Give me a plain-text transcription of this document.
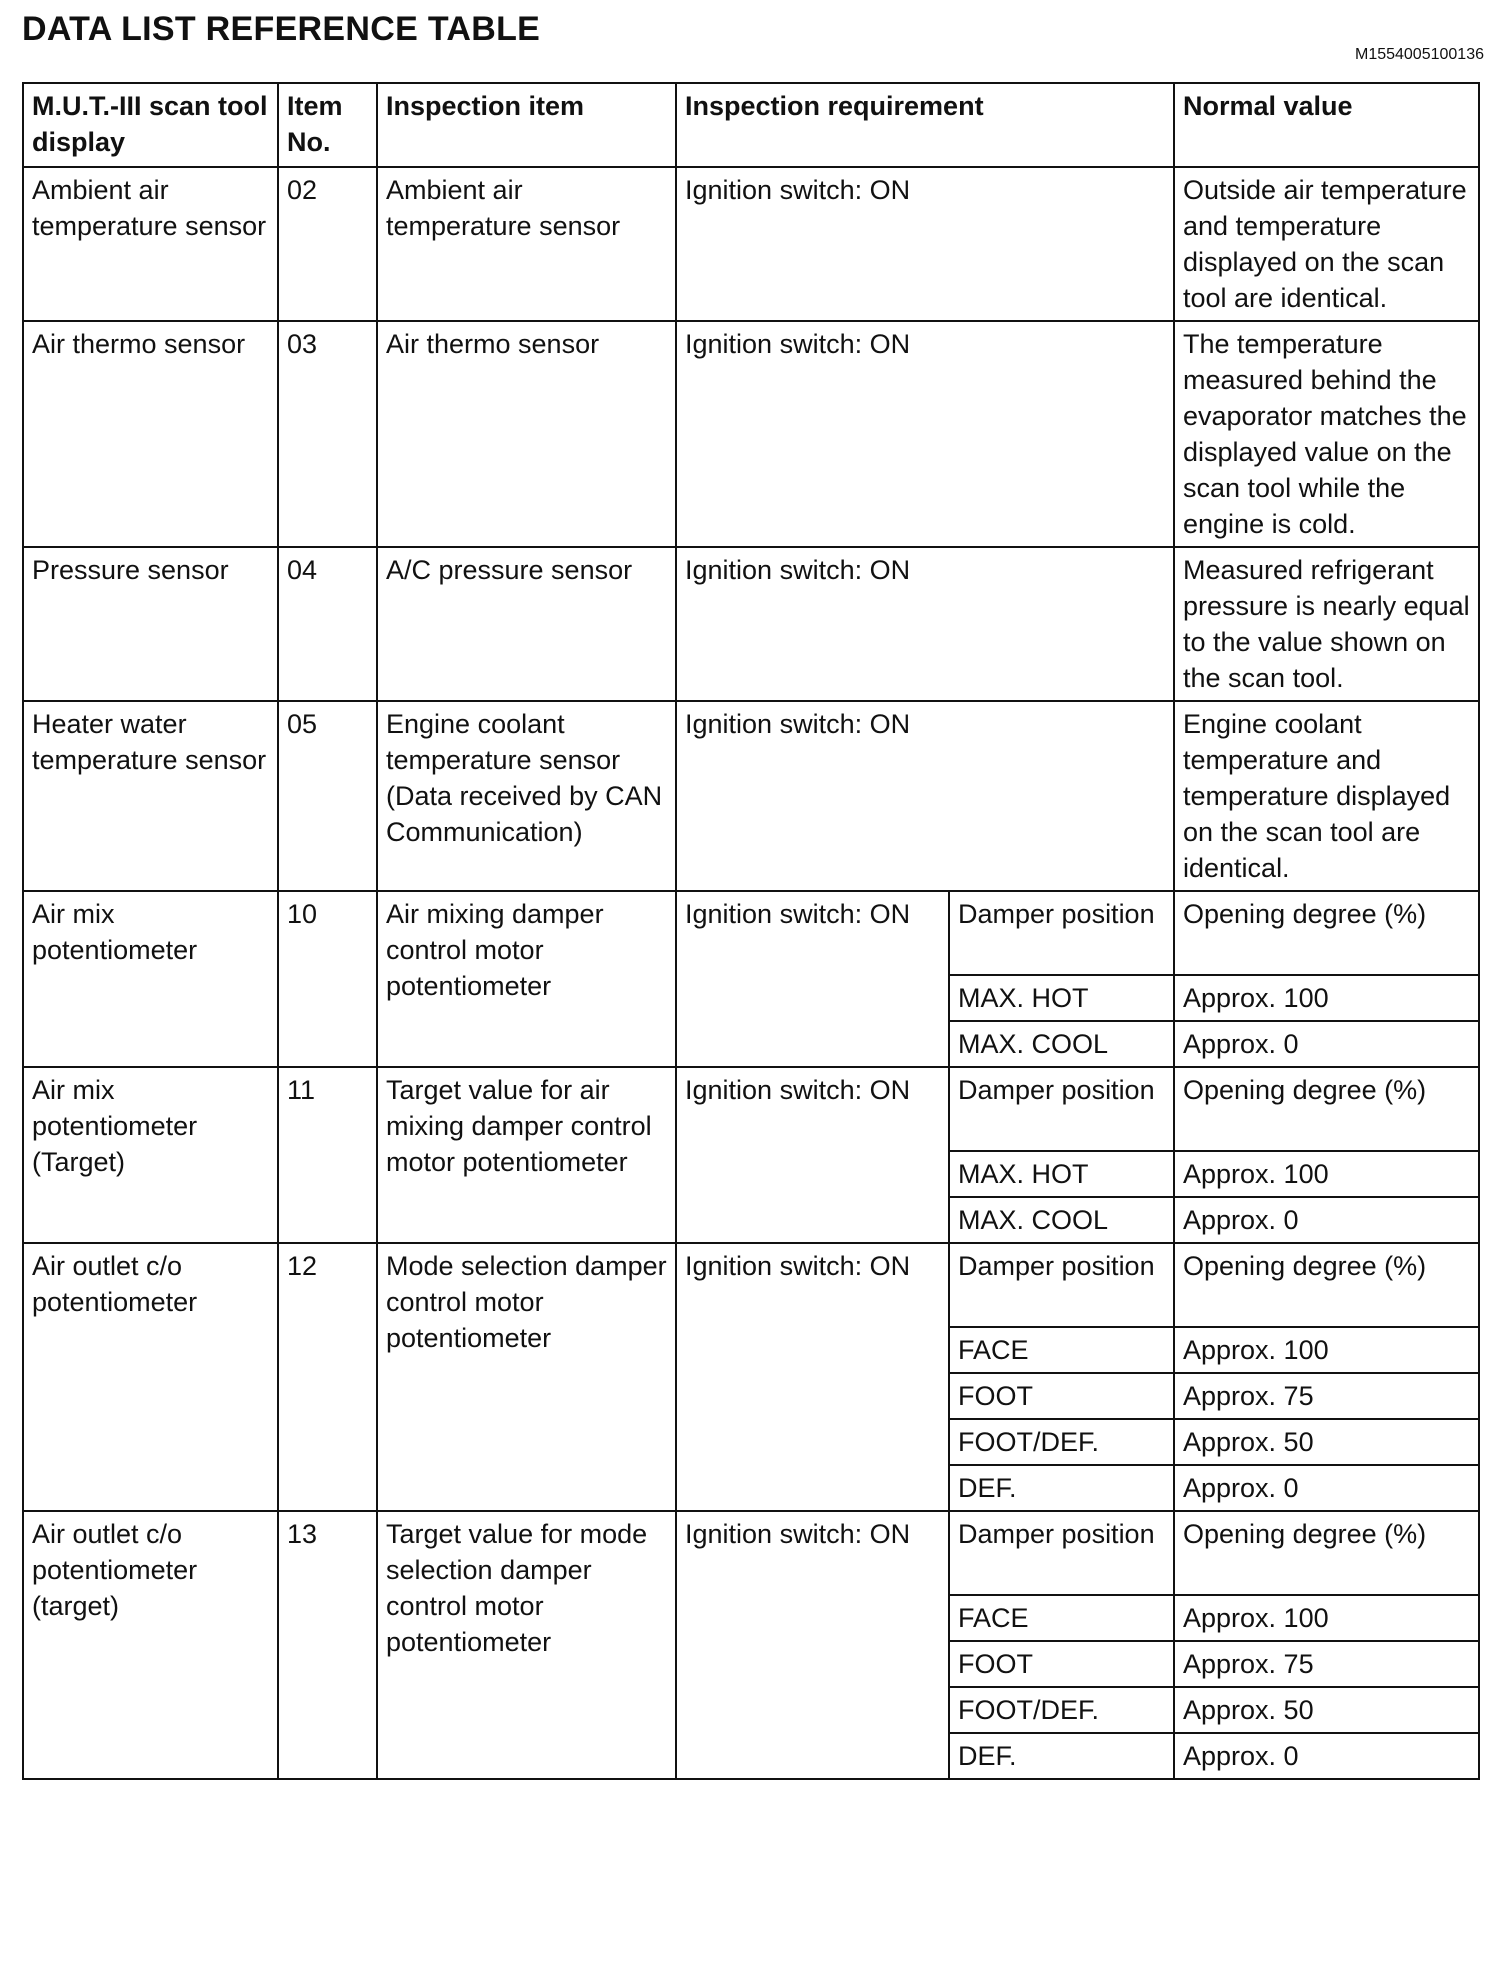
DATA LIST REFERENCE TABLE
M1554005100136
M.U.T.-III scan tool display	Item No.	Inspection item	Inspection requirement		Normal value
Ambient air temperature sensor	02	Ambient air temperature sensor	Ignition switch: ON		Outside air temperature and temperature displayed on the scan tool are identical.
Air thermo sensor	03	Air thermo sensor	Ignition switch: ON		The temperature measured behind the evaporator matches the displayed value on the scan tool while the engine is cold.
Pressure sensor	04	A/C pressure sensor	Ignition switch: ON		Measured refrigerant pressure is nearly equal to the value shown on the scan tool.
Heater water temperature sensor	05	Engine coolant temperature sensor (Data received by CAN Communication)	Ignition switch: ON		Engine coolant temperature and temperature displayed on the scan tool are identical.
Air mix potentiometer	10	Air mixing damper control motor potentiometer	Ignition switch: ON	Damper position	Opening degree (%)
				MAX. HOT	Approx. 100
				MAX. COOL	Approx. 0
Air mix potentiometer (Target)	11	Target value for air mixing damper control motor potentiometer	Ignition switch: ON	Damper position	Opening degree (%)
				MAX. HOT	Approx. 100
				MAX. COOL	Approx. 0
Air outlet c/o potentiometer	12	Mode selection damper control motor potentiometer	Ignition switch: ON	Damper position	Opening degree (%)
				FACE	Approx. 100
				FOOT	Approx. 75
				FOOT/DEF.	Approx. 50
				DEF.	Approx. 0
Air outlet c/o potentiometer (target)	13	Target value for mode selection damper control motor potentiometer	Ignition switch: ON	Damper position	Opening degree (%)
				FACE	Approx. 100
				FOOT	Approx. 75
				FOOT/DEF.	Approx. 50
				DEF.	Approx. 0
